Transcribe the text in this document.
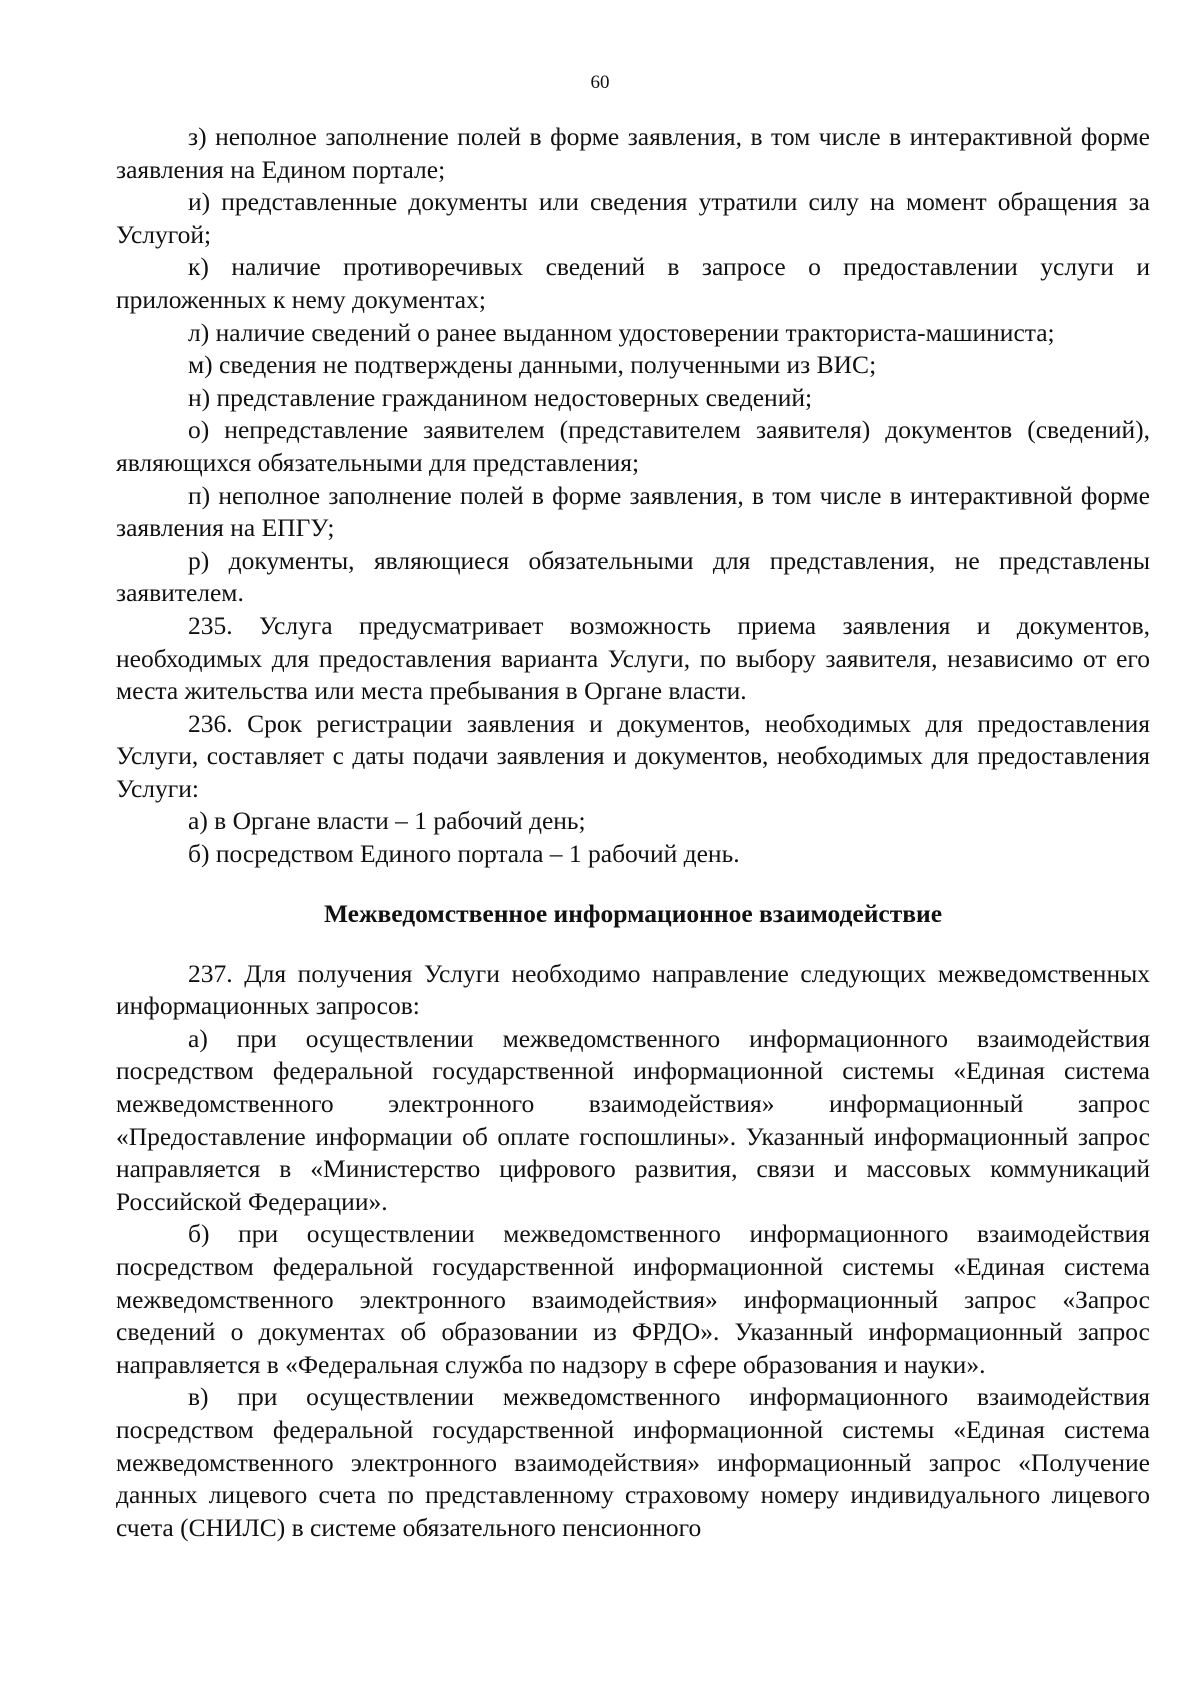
60

з) неполное заполнение полей в форме заявления, в том числе в интерактивной форме заявления на Едином портале;

и) представленные документы или сведения утратили силу на момент обращения за Услугой;

к) наличие противоречивых сведений в запросе о предоставлении услуги и приложенных к нему документах;

л) наличие сведений о ранее выданном удостоверении тракториста-машиниста;

м) сведения не подтверждены данными, полученными из ВИС;

н) представление гражданином недостоверных сведений;

о) непредставление заявителем (представителем заявителя) документов (сведений), являющихся обязательными для представления;

п) неполное заполнение полей в форме заявления, в том числе в интерактивной форме заявления на ЕПГУ;

р) документы, являющиеся обязательными для представления, не представлены заявителем.

235. Услуга предусматривает возможность приема заявления и документов, необходимых для предоставления варианта Услуги, по выбору заявителя, независимо от его места жительства или места пребывания в Органе власти.

236. Срок регистрации заявления и документов, необходимых для предоставления Услуги, составляет с даты подачи заявления и документов, необходимых для предоставления Услуги:

а) в Органе власти – 1 рабочий день;

б) посредством Единого портала – 1 рабочий день.

Межведомственное информационное взаимодействие

237. Для получения Услуги необходимо направление следующих межведомственных информационных запросов:

а) при осуществлении межведомственного информационного взаимодействия посредством федеральной государственной информационной системы «Единая система межведомственного электронного взаимодействия» информационный запрос «Предоставление информации об оплате госпошлины». Указанный информационный запрос направляется в «Министерство цифрового развития, связи и массовых коммуникаций Российской Федерации».

б) при осуществлении межведомственного информационного взаимодействия посредством федеральной государственной информационной системы «Единая система межведомственного электронного взаимодействия» информационный запрос «Запрос сведений о документах об образовании из ФРДО». Указанный информационный запрос направляется в «Федеральная служба по надзору в сфере образования и науки».

в) при осуществлении межведомственного информационного взаимодействия посредством федеральной государственной информационной системы «Единая система межведомственного электронного взаимодействия» информационный запрос «Получение данных лицевого счета по представленному страховому номеру индивидуального лицевого счета (СНИЛС) в системе обязательного пенсионного
